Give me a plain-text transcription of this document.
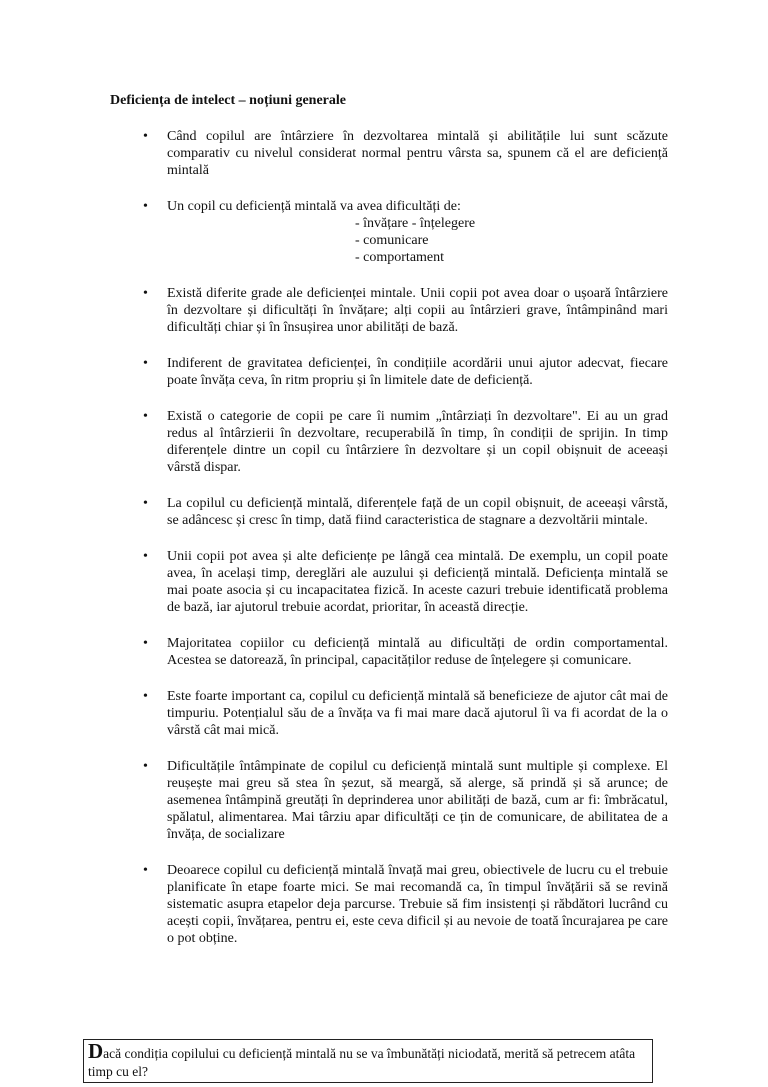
Deficiența de intelect – noțiuni generale
• Când copilul are întârziere în dezvoltarea mintală și abilitățile lui sunt scăzute comparativ cu nivelul considerat normal pentru vârsta sa, spunem că el are deficiență mintală
• Un copil cu deficiență mintală va avea dificultăți de:
- învățare - înțelegere
- comunicare
- comportament
• Există diferite grade ale deficienței mintale. Unii copii pot avea doar o ușoară întârziere în dezvoltare și dificultăți în învățare; alți copii au întârzieri grave, întâmpinând mari dificultăți chiar și în însușirea unor abilități de bază.
• Indiferent de gravitatea deficienței, în condițiile acordării unui ajutor adecvat, fiecare poate învăța ceva, în ritm propriu și în limitele date de deficiență.
• Există o categorie de copii pe care îi numim „întârziați în dezvoltare". Ei au un grad redus al întârzierii în dezvoltare, recuperabilă în timp, în condiții de sprijin. In timp diferențele dintre un copil cu întârziere în dezvoltare și un copil obișnuit de aceeași vârstă dispar.
• La copilul cu deficiență mintală, diferențele față de un copil obișnuit, de aceeași vârstă, se adâncesc și cresc în timp, dată fiind caracteristica de stagnare a dezvoltării mintale.
• Unii copii pot avea și alte deficiențe pe lângă cea mintală. De exemplu, un copil poate avea, în același timp, dereglări ale auzului și deficiență mintală. Deficiența mintală se mai poate asocia și cu incapacitatea fizică. In aceste cazuri trebuie identificată problema de bază, iar ajutorul trebuie acordat, prioritar, în această direcție.
• Majoritatea copiilor cu deficiență mintală au dificultăți de ordin comportamental. Acestea se datorează, în principal, capacităților reduse de înțelegere și comunicare.
• Este foarte important ca, copilul cu deficiență mintală să beneficieze de ajutor cât mai de timpuriu. Potențialul său de a învăța va fi mai mare dacă ajutorul îi va fi acordat de la o vârstă cât mai mică.
• Dificultățile întâmpinate de copilul cu deficiență mintală sunt multiple și complexe. El reușește mai greu să stea în șezut, să meargă, să alerge, să prindă și să arunce; de asemenea întâmpină greutăți în deprinderea unor abilități de bază, cum ar fi: îmbrăcatul, spălatul, alimentarea. Mai târziu apar dificultăți ce țin de comunicare, de abilitatea de a învăța, de socializare
• Deoarece copilul cu deficiență mintală învață mai greu, obiectivele de lucru cu el trebuie planificate în etape foarte mici. Se mai recomandă ca, în timpul învățării să se revină sistematic asupra etapelor deja parcurse. Trebuie să fim insistenți și răbdători lucrând cu acești copii, învățarea, pentru ei, este ceva dificil și au nevoie de toată încurajarea pe care o pot obține.
Dacă condiția copilului cu deficiență mintală nu se va îmbunătăți niciodată, merită să petrecem atâta timp cu el?
